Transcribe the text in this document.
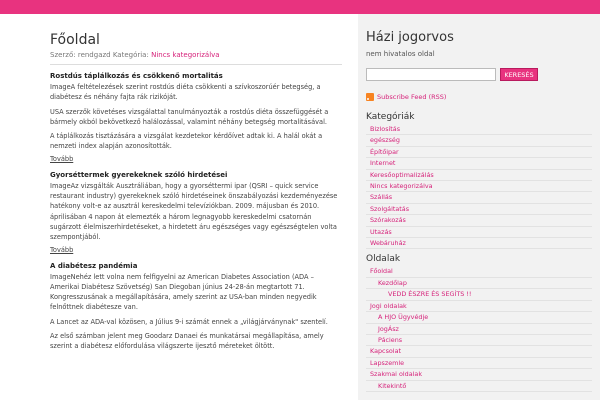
Főoldal
Szerző: rendgazd Kategória: Nincs kategorizálva
Rostdús táplálkozás és csökkenő mortalitás

ImageA feltételezések szerint rostdús diéta csökkenti a szívkoszorúér betegség, a diabétesz és néhány fajta rák rizikóját.

USA szerzők követéses vizsgálattal tanulmányozták a rostdús diéta összefüggését a bármely okból bekövetkező halálozással, valamint néhány betegség mortalitásával.

A táplálkozás tisztázására a vizsgálat kezdetekor kérdőívet adtak ki. A halál okát a nemzeti index alapján azonosították.

Tovább
Gyorséttermek gyerekeknek szóló hirdetései

ImageAz vizsgálták Ausztráliában, hogy a gyorséttermi ipar (QSRI – quick service restaurant industry) gyerekeknek szóló hirdetéseinek önszabályozási kezdeményezése hatékony volt-e az ausztrál kereskedelmi televíziókban. 2009. májusban és 2010. áprilisában 4 napon át elemezték a három legnagyobb kereskedelmi csatornán sugárzott élelmiszerhirdetéseket, a hirdetett áru egészséges vagy egészségtelen volta szempontjából.

Tovább
A diabétesz pandémia

ImageNehéz lett volna nem felfigyelni az American Diabetes Association (ADA – Amerikai Diabétesz Szövetség) San Diegoban június 24-28-án megtartott 71. Kongresszusának a megállapítására, amely szerint az USA-ban minden negyedik felnőttnek diabétesze van.

A Lancet az ADA-val közösen, a Július 9-i számát ennek a „világjárványnak" szentelí.

Az első számban jelent meg Goodarz Danaei és munkatársai megállapítása, amely szerint a diabétesz előfordulása világszerte ijesztő méreteket öltött.

Házi jogorvos
nem hivatalos oldal
KERESÉS
Subscribe Feed (RSS)
Kategóriák
Bizlosítás
egészség
Építőipar
Internet
Keresőoptimalizálás
Nincs kategorizálva
Szállás
Szolgáltatás
Szórakozás
Utazás
Webáruház
Oldalak
Főoldal
Kezdőlap
VEDD ÉSZRE ÉS SEGÍTS !!
Jogi oldalak
A HJO Ügyvédje
JogÁsz
Páciens
Kapcsolat
Lapszemle
Szakmai oldalak
Kitekintő
